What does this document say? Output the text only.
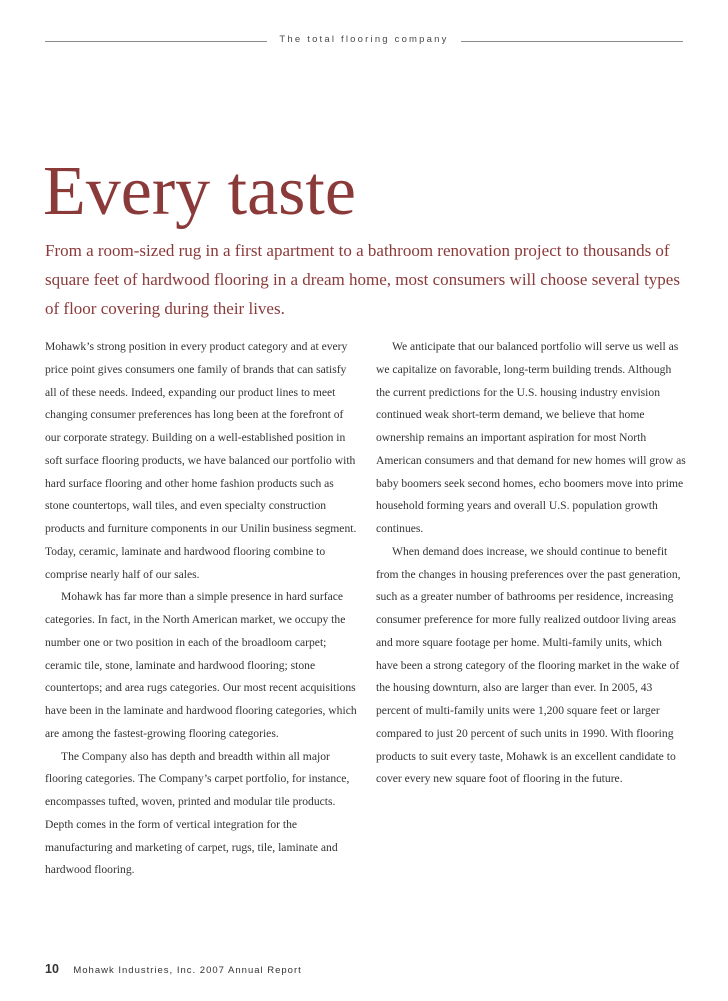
The total flooring company
Every taste

From a room-sized rug in a first apartment to a bathroom renovation project to thousands of square feet of hardwood flooring in a dream home, most consumers will choose several types of floor covering during their lives.

Mohawk’s strong position in every product category and at every price point gives consumers one family of brands that can satisfy all of these needs. Indeed, expanding our product lines to meet changing consumer preferences has long been at the forefront of our corporate strategy. Building on a well-established position in soft surface flooring products, we have balanced our portfolio with hard surface flooring and other home fashion products such as stone countertops, wall tiles, and even specialty construction products and furniture components in our Unilin business segment. Today, ceramic, laminate and hardwood flooring combine to comprise nearly half of our sales.

Mohawk has far more than a simple presence in hard surface categories. In fact, in the North American market, we occupy the number one or two position in each of the broadloom carpet; ceramic tile, stone, laminate and hardwood flooring; stone countertops; and area rugs categories. Our most recent acquisitions have been in the laminate and hardwood flooring categories, which are among the fastest-growing flooring categories.

The Company also has depth and breadth within all major flooring categories. The Company’s carpet portfolio, for instance, encompasses tufted, woven, printed and modular tile products. Depth comes in the form of vertical integration for the manufacturing and marketing of carpet, rugs, tile, laminate and hardwood flooring.

We anticipate that our balanced portfolio will serve us well as we capitalize on favorable, long-term building trends. Although the current predictions for the U.S. housing industry envision continued weak short-term demand, we believe that home ownership remains an important aspiration for most North American consumers and that demand for new homes will grow as baby boomers seek second homes, echo boomers move into prime household forming years and overall U.S. population growth continues.

When demand does increase, we should continue to benefit from the changes in housing preferences over the past generation, such as a greater number of bathrooms per residence, increasing consumer preference for more fully realized outdoor living areas and more square footage per home. Multi-family units, which have been a strong category of the flooring market in the wake of the housing downturn, also are larger than ever. In 2005, 43 percent of multi-family units were 1,200 square feet or larger compared to just 20 percent of such units in 1990. With flooring products to suit every taste, Mohawk is an excellent candidate to cover every new square foot of flooring in the future.

10 Mohawk Industries, Inc. 2007 Annual Report
